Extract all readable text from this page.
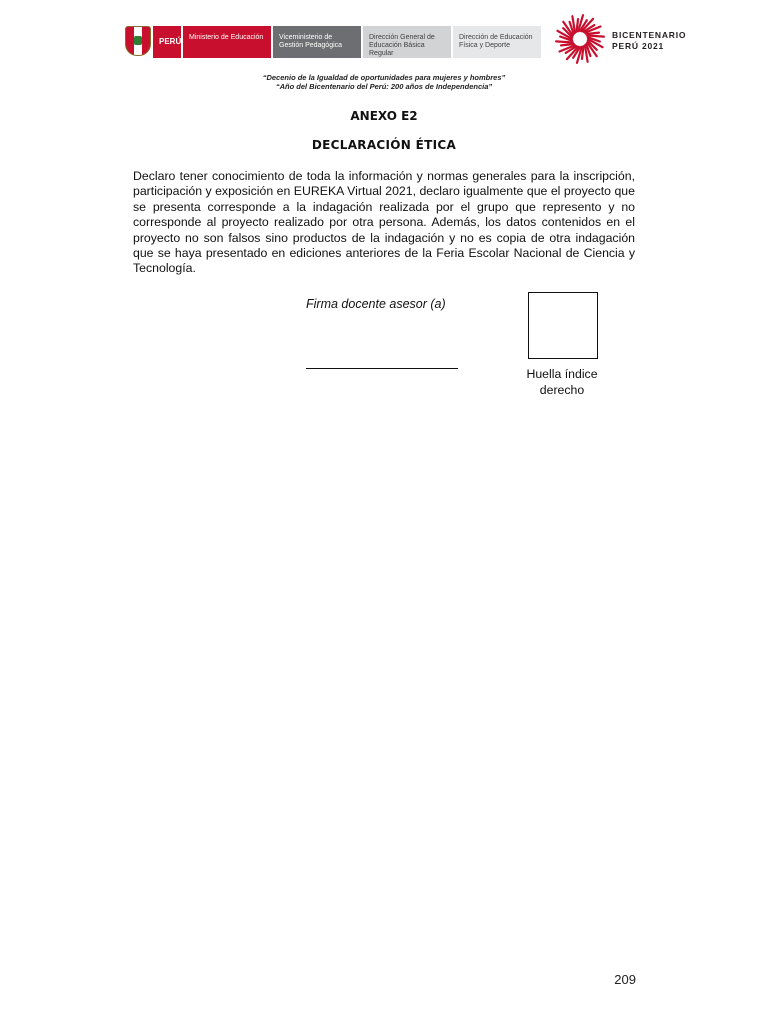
PERÚ	Ministerio de Educación	Viceministerio de Gestión Pedagógica
Dirección General de Educación Básica Regular
Dirección de Educación Física y Deporte
BICENTENARIO
PERÚ 2021
“Decenio de la Igualdad de oportunidades para mujeres y hombres”
“Año del Bicentenario del Perú: 200 años de Independencia”
ANEXO E2
DECLARACIÓN ÉTICA
Declaro tener conocimiento de toda la información y normas generales para la inscripción, participación y exposición en EUREKA Virtual 2021, declaro igualmente que el proyecto que se presenta corresponde a la indagación realizada por el grupo que represento y no corresponde al proyecto realizado por otra persona. Además, los datos contenidos en el proyecto no son falsos sino productos de la indagación y no es copia de otra indagación que se haya presentado en ediciones anteriores de la Feria Escolar Nacional de Ciencia y Tecnología.
Firma docente asesor (a)
Huella índice derecho
209
